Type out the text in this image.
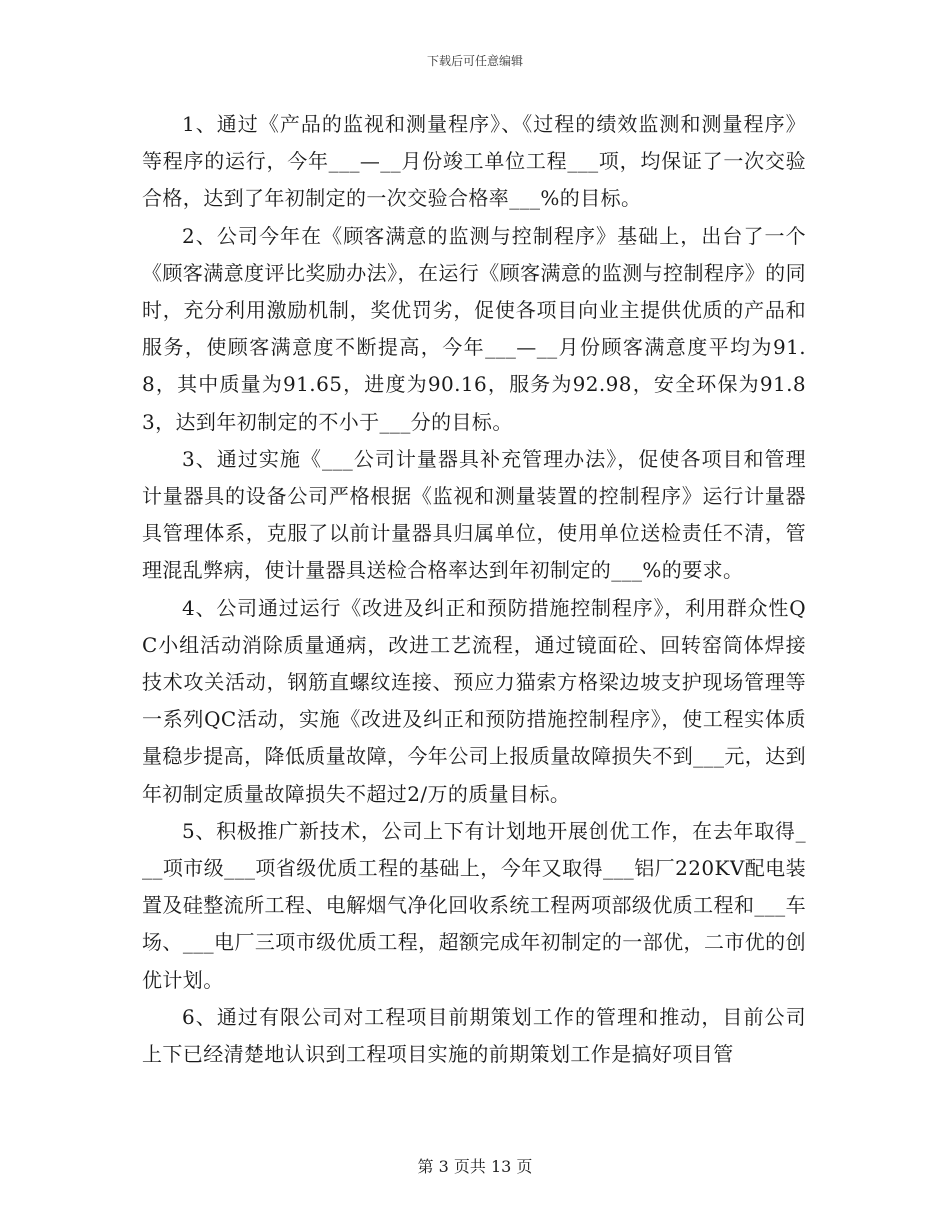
下载后可任意编辑

1、通过《产品的监视和测量程序》、《过程的绩效监测和测量程序》等程序的运行，今年___—__月份竣工单位工程___项，均保证了一次交验合格，达到了年初制定的一次交验合格率___%的目标。

2、公司今年在《顾客满意的监测与控制程序》基础上，出台了一个《顾客满意度评比奖励办法》，在运行《顾客满意的监测与控制程序》的同时，充分利用激励机制，奖优罚劣，促使各项目向业主提供优质的产品和服务，使顾客满意度不断提高，今年___—__月份顾客满意度平均为91.8，其中质量为91.65，进度为90.16，服务为92.98，安全环保为91.83，达到年初制定的不小于___分的目标。

3、通过实施《___公司计量器具补充管理办法》，促使各项目和管理计量器具的设备公司严格根据《监视和测量装置的控制程序》运行计量器具管理体系，克服了以前计量器具归属单位，使用单位送检责任不清，管理混乱弊病，使计量器具送检合格率达到年初制定的___%的要求。

4、公司通过运行《改进及纠正和预防措施控制程序》，利用群众性QC小组活动消除质量通病，改进工艺流程，通过镜面砼、回转窑筒体焊接技术攻关活动，钢筋直螺纹连接、预应力猫索方格梁边坡支护现场管理等一系列QC活动，实施《改进及纠正和预防措施控制程序》，使工程实体质量稳步提高，降低质量故障，今年公司上报质量故障损失不到___元，达到年初制定质量故障损失不超过2/万的质量目标。

5、积极推广新技术，公司上下有计划地开展创优工作，在去年取得___项市级___项省级优质工程的基础上，今年又取得___铝厂220KV配电装置及硅整流所工程、电解烟气净化回收系统工程两项部级优质工程和___车场、___电厂三项市级优质工程，超额完成年初制定的一部优，二市优的创优计划。

6、通过有限公司对工程项目前期策划工作的管理和推动，目前公司上下已经清楚地认识到工程项目实施的前期策划工作是搞好项目管

第 3 页共 13 页
